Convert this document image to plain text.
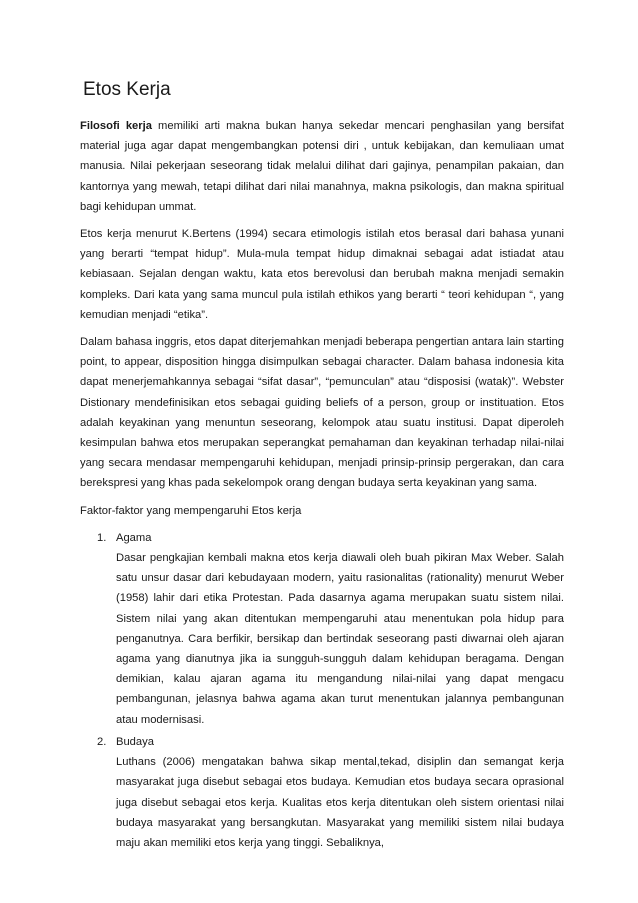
Etos Kerja

Filosofi kerja memiliki arti makna bukan hanya sekedar mencari penghasilan yang bersifat material juga agar dapat mengembangkan potensi diri , untuk kebijakan, dan kemuliaan umat manusia. Nilai pekerjaan seseorang tidak melalui dilihat dari gajinya, penampilan pakaian, dan kantornya yang mewah, tetapi dilihat dari nilai manahnya, makna psikologis, dan makna spiritual bagi kehidupan ummat.

Etos kerja menurut K.Bertens (1994) secara etimologis istilah etos berasal dari bahasa yunani yang berarti “tempat hidup”. Mula-mula tempat hidup dimaknai sebagai adat istiadat atau kebiasaan. Sejalan dengan waktu, kata etos berevolusi dan berubah makna menjadi semakin kompleks. Dari kata yang sama muncul pula istilah ethikos yang berarti “ teori kehidupan “, yang kemudian menjadi “etika”.

Dalam bahasa inggris, etos dapat diterjemahkan menjadi beberapa pengertian antara lain starting point, to appear, disposition hingga disimpulkan sebagai character. Dalam bahasa indonesia kita dapat menerjemahkannya sebagai “sifat dasar”, “pemunculan” atau “disposisi (watak)”. Webster Distionary mendefinisikan etos sebagai guiding beliefs of a person, group or instituation. Etos adalah keyakinan yang menuntun seseorang, kelompok atau suatu institusi. Dapat diperoleh kesimpulan bahwa etos merupakan seperangkat pemahaman dan keyakinan terhadap nilai-nilai yang secara mendasar mempengaruhi kehidupan, menjadi prinsip-prinsip pergerakan, dan cara berekspresi yang khas pada sekelompok orang dengan budaya serta keyakinan yang sama.

Faktor-faktor yang mempengaruhi Etos kerja

1. Agama

Dasar pengkajian kembali makna etos kerja diawali oleh buah pikiran Max Weber. Salah satu unsur dasar dari kebudayaan modern, yaitu rasionalitas (rationality) menurut Weber (1958) lahir dari etika Protestan. Pada dasarnya agama merupakan suatu sistem nilai. Sistem nilai yang akan ditentukan mempengaruhi atau menentukan pola hidup para penganutnya. Cara berfikir, bersikap dan bertindak seseorang pasti diwarnai oleh ajaran agama yang dianutnya jika ia sungguh-sungguh dalam kehidupan beragama. Dengan demikian, kalau ajaran agama itu mengandung nilai-nilai yang dapat mengacu pembangunan, jelasnya bahwa agama akan turut menentukan jalannya pembangunan atau modernisasi.

2. Budaya

Luthans (2006) mengatakan bahwa sikap mental,tekad, disiplin dan semangat kerja masyarakat juga disebut sebagai etos budaya. Kemudian etos budaya secara oprasional juga disebut sebagai etos kerja. Kualitas etos kerja ditentukan oleh sistem orientasi nilai budaya masyarakat yang bersangkutan. Masyarakat yang memiliki sistem nilai budaya maju akan memiliki etos kerja yang tinggi. Sebaliknya,
